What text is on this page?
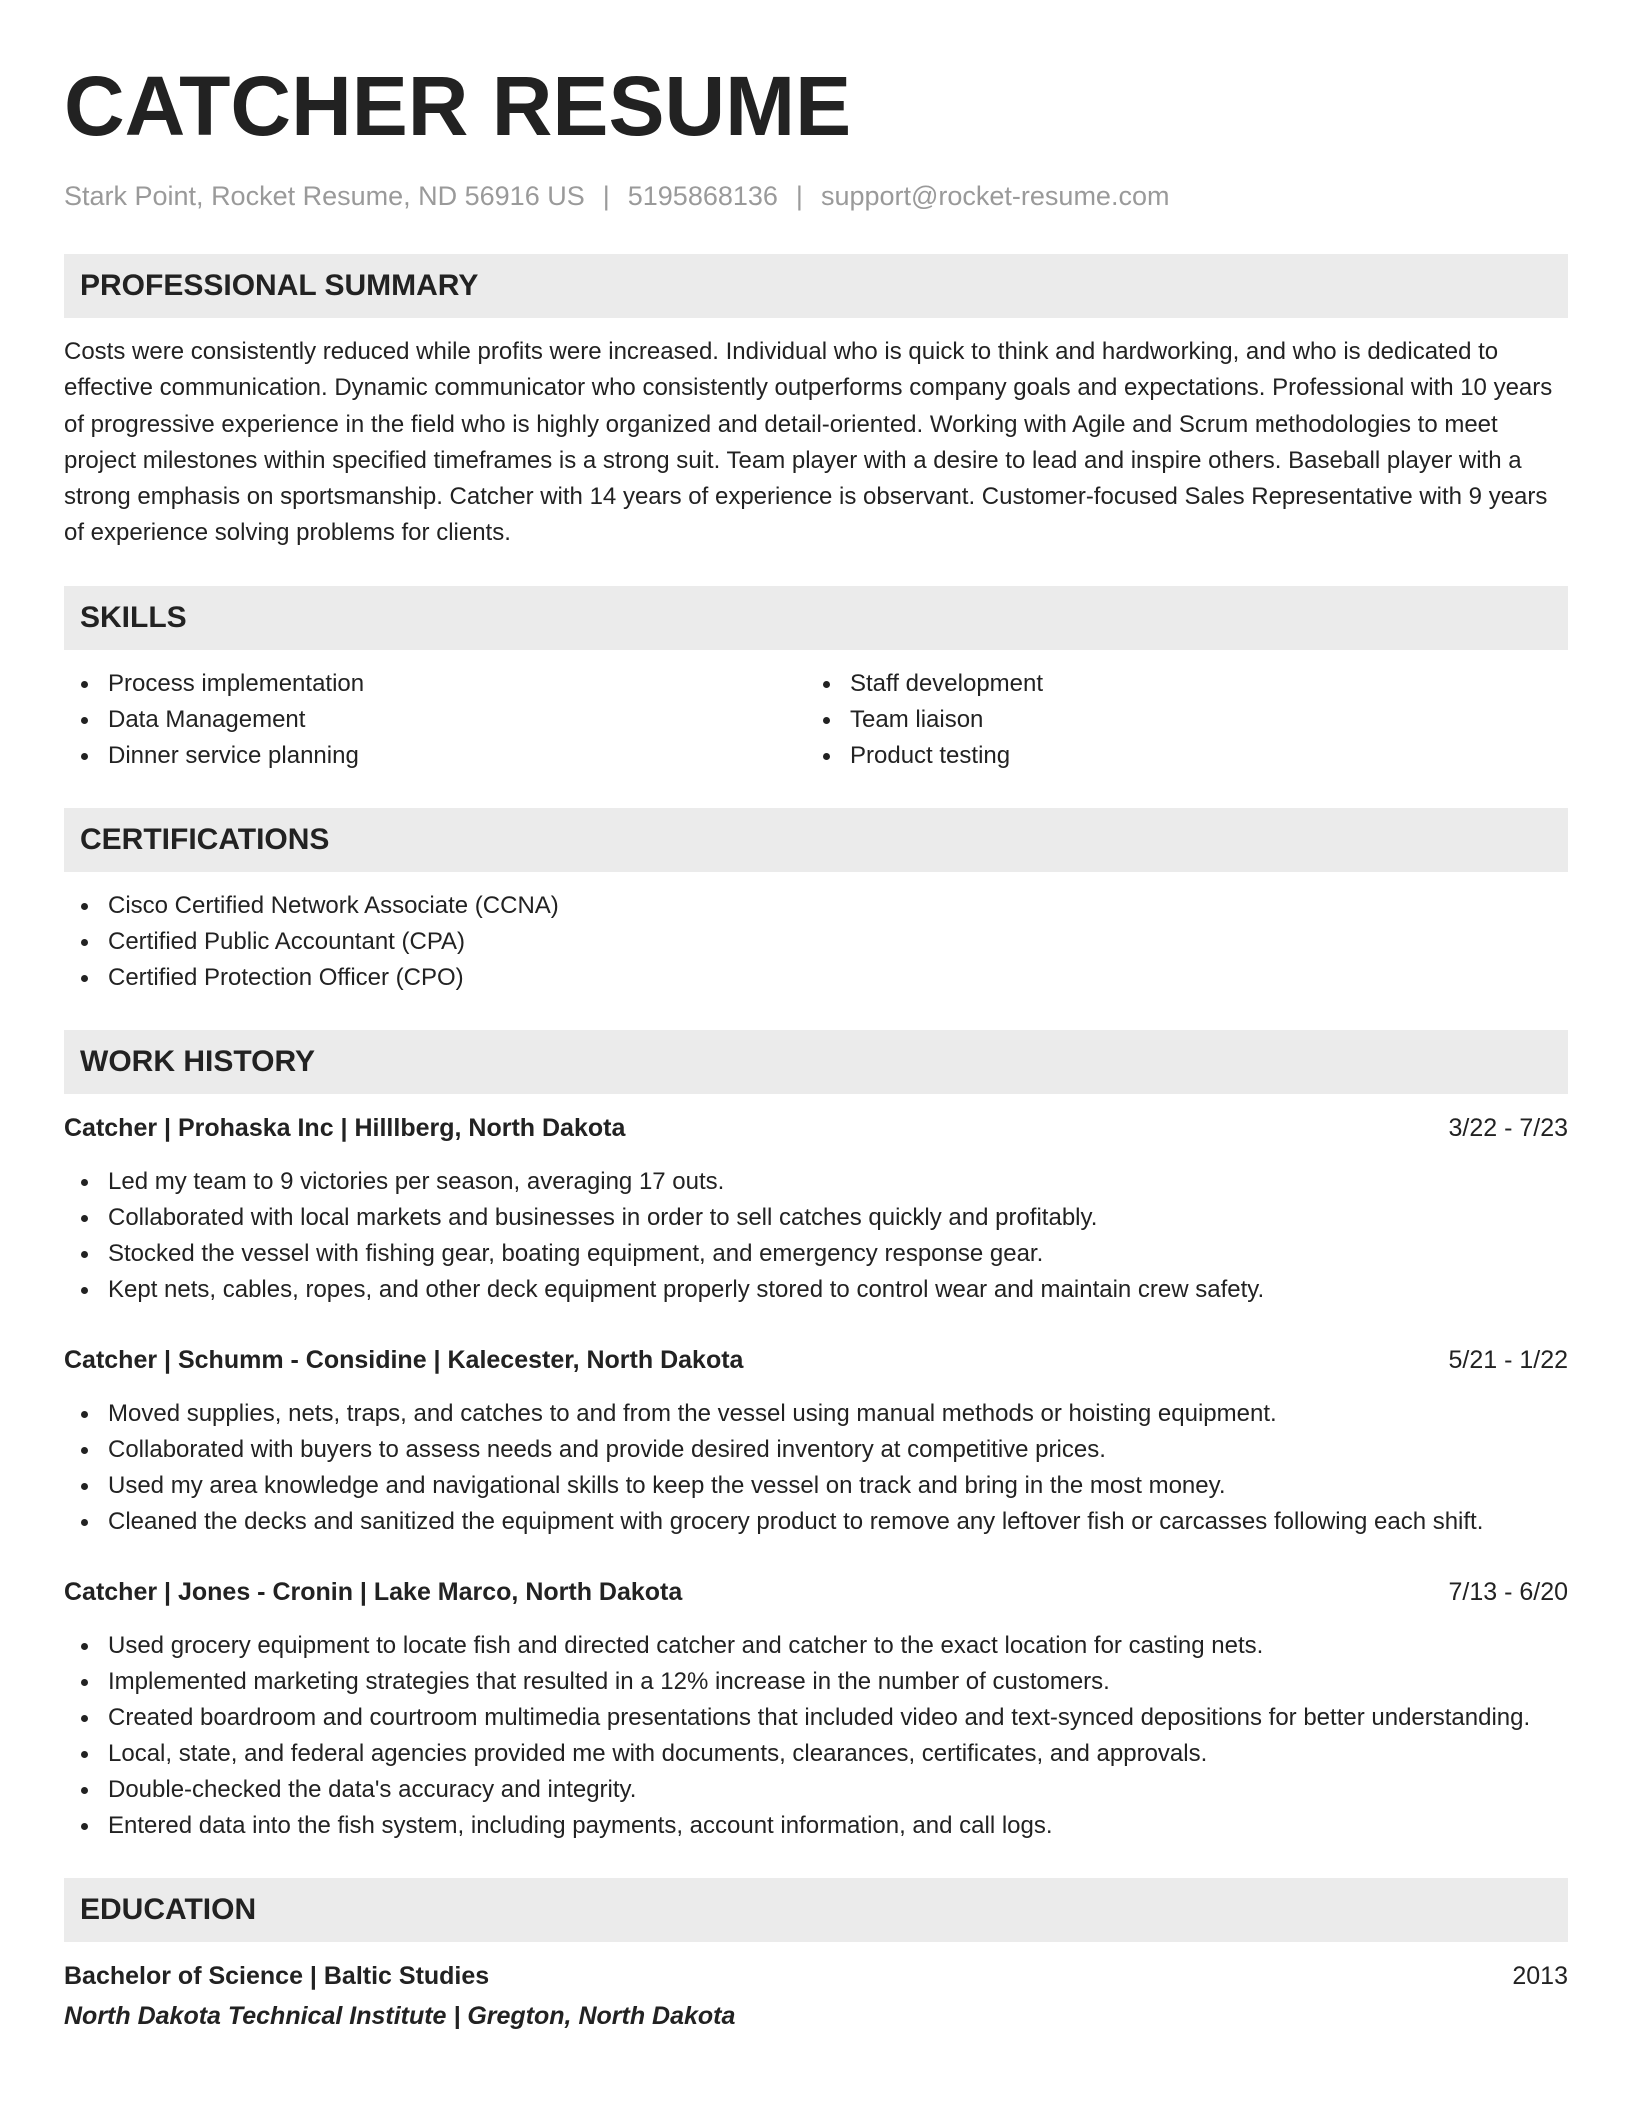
CATCHER RESUME
Stark Point, Rocket Resume, ND 56916 US | 5195868136 | support@rocket-resume.com
PROFESSIONAL SUMMARY

Costs were consistently reduced while profits were increased. Individual who is quick to think and hardworking, and who is dedicated to effective communication. Dynamic communicator who consistently outperforms company goals and expectations. Professional with 10 years of progressive experience in the field who is highly organized and detail-oriented. Working with Agile and Scrum methodologies to meet project milestones within specified timeframes is a strong suit. Team player with a desire to lead and inspire others. Baseball player with a strong emphasis on sportsmanship. Catcher with 14 years of experience is observant. Customer-focused Sales Representative with 9 years of experience solving problems for clients.

SKILLS
Process implementation
Data Management
Dinner service planning
Staff development
Team liaison
Product testing
CERTIFICATIONS
Cisco Certified Network Associate (CCNA)
Certified Public Accountant (CPA)
Certified Protection Officer (CPO)
WORK HISTORY
Catcher | Prohaska Inc | Hilllberg, North Dakota	3/22 - 7/23
Led my team to 9 victories per season, averaging 17 outs.
Collaborated with local markets and businesses in order to sell catches quickly and profitably.
Stocked the vessel with fishing gear, boating equipment, and emergency response gear.
Kept nets, cables, ropes, and other deck equipment properly stored to control wear and maintain crew safety.
Catcher | Schumm - Considine | Kalecester, North Dakota	5/21 - 1/22
Moved supplies, nets, traps, and catches to and from the vessel using manual methods or hoisting equipment.
Collaborated with buyers to assess needs and provide desired inventory at competitive prices.
Used my area knowledge and navigational skills to keep the vessel on track and bring in the most money.
Cleaned the decks and sanitized the equipment with grocery product to remove any leftover fish or carcasses following each shift.
Catcher | Jones - Cronin | Lake Marco, North Dakota	7/13 - 6/20
Used grocery equipment to locate fish and directed catcher and catcher to the exact location for casting nets.
Implemented marketing strategies that resulted in a 12% increase in the number of customers.
Created boardroom and courtroom multimedia presentations that included video and text-synced depositions for better understanding.
Local, state, and federal agencies provided me with documents, clearances, certificates, and approvals.
Double-checked the data's accuracy and integrity.
Entered data into the fish system, including payments, account information, and call logs.
EDUCATION
Bachelor of Science | Baltic Studies	2013
North Dakota Technical Institute | Gregton, North Dakota
